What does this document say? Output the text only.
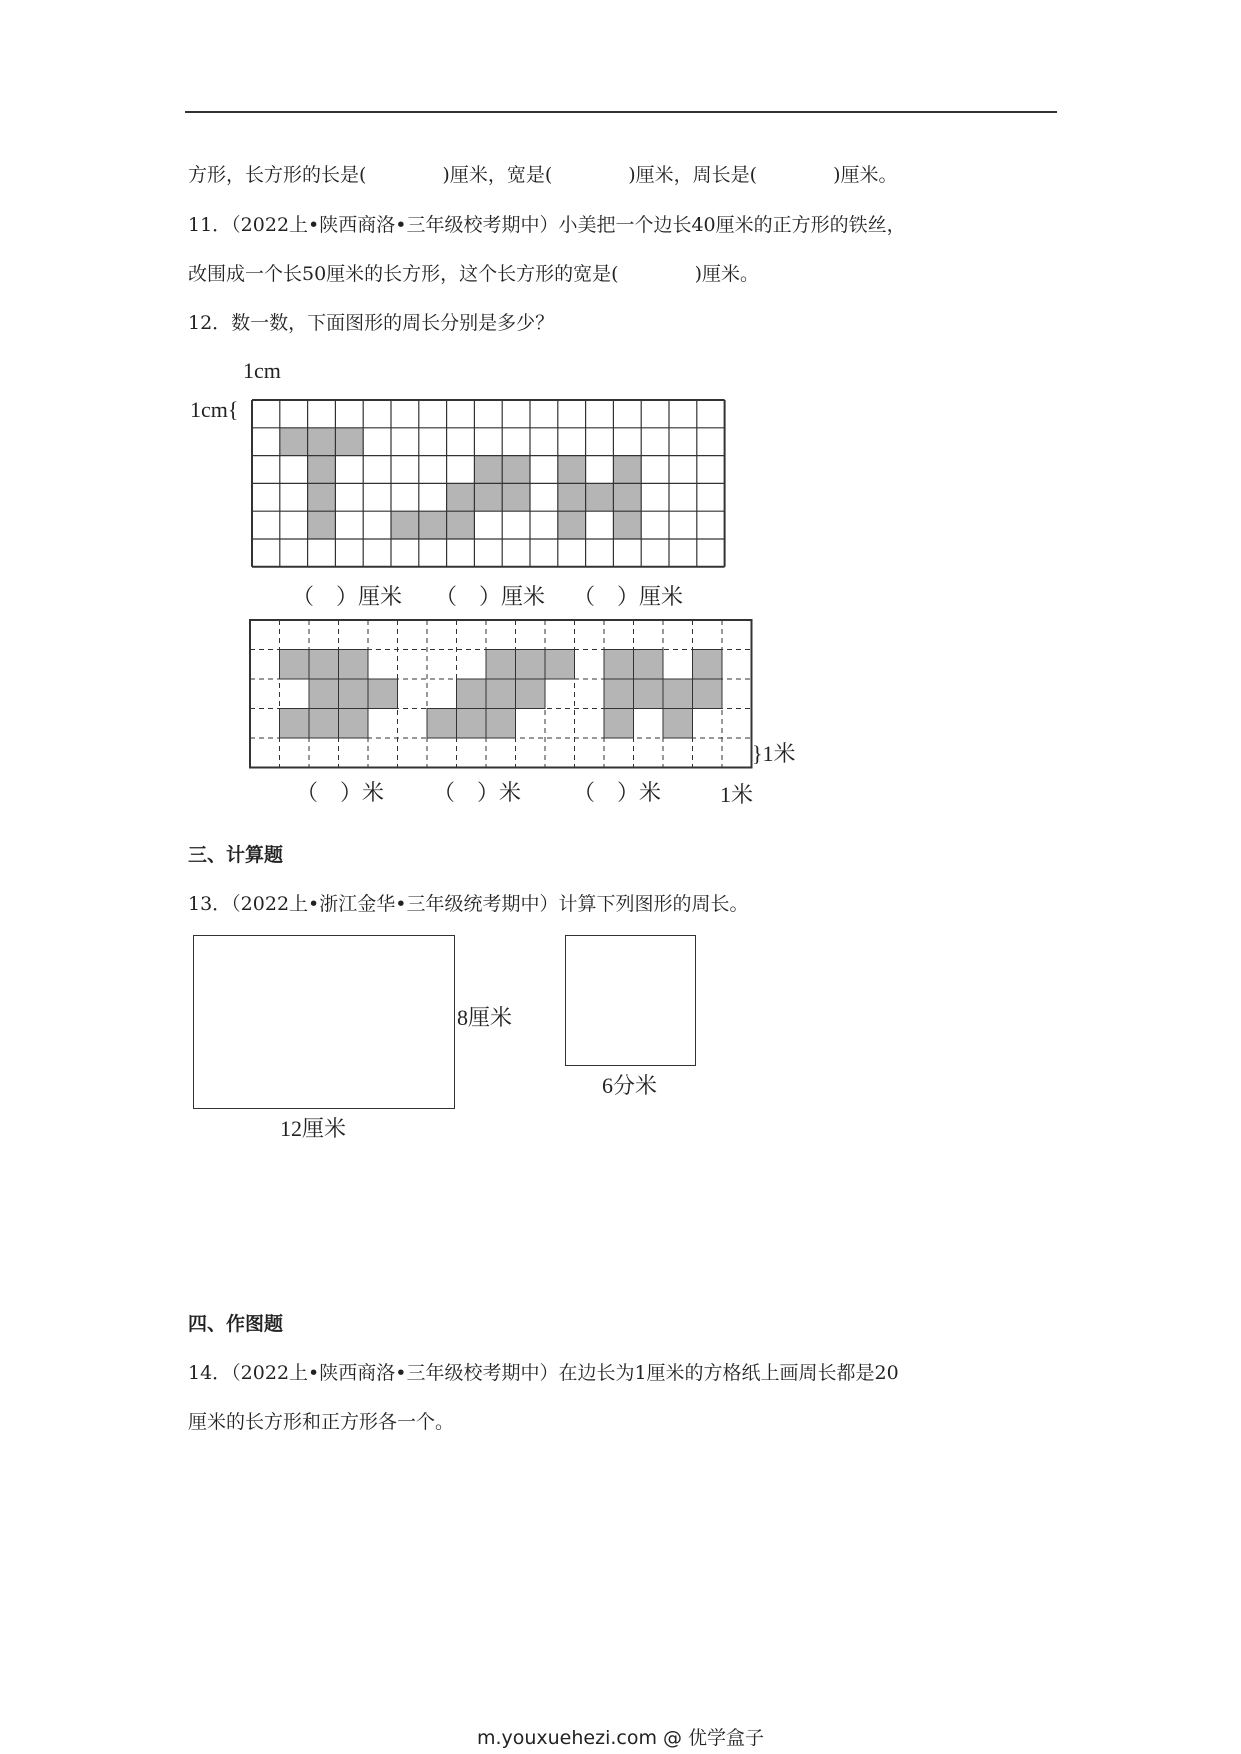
方形，长方形的长是(　　　　)厘米，宽是(　　　　)厘米，周长是(　　　　)厘米。
11．（2022上•陕西商洛•三年级校考期中）小美把一个边长40厘米的正方形的铁丝，
改围成一个长50厘米的长方形，这个长方形的宽是(　　　　)厘米。
12．数一数，下面图形的周长分别是多少？
1cm
1cm{
（　）厘米 （　）厘米 （　）厘米
}1米
（　）米 （　）米 （　）米	1米
三、计算题
13．（2022上•浙江金华•三年级统考期中）计算下列图形的周长。
8厘米
12厘米
6分米
四、作图题
14．（2022上•陕西商洛•三年级校考期中）在边长为1厘米的方格纸上画周长都是20
厘米的长方形和正方形各一个。
m.youxuehezi.com @ 优学盒子
